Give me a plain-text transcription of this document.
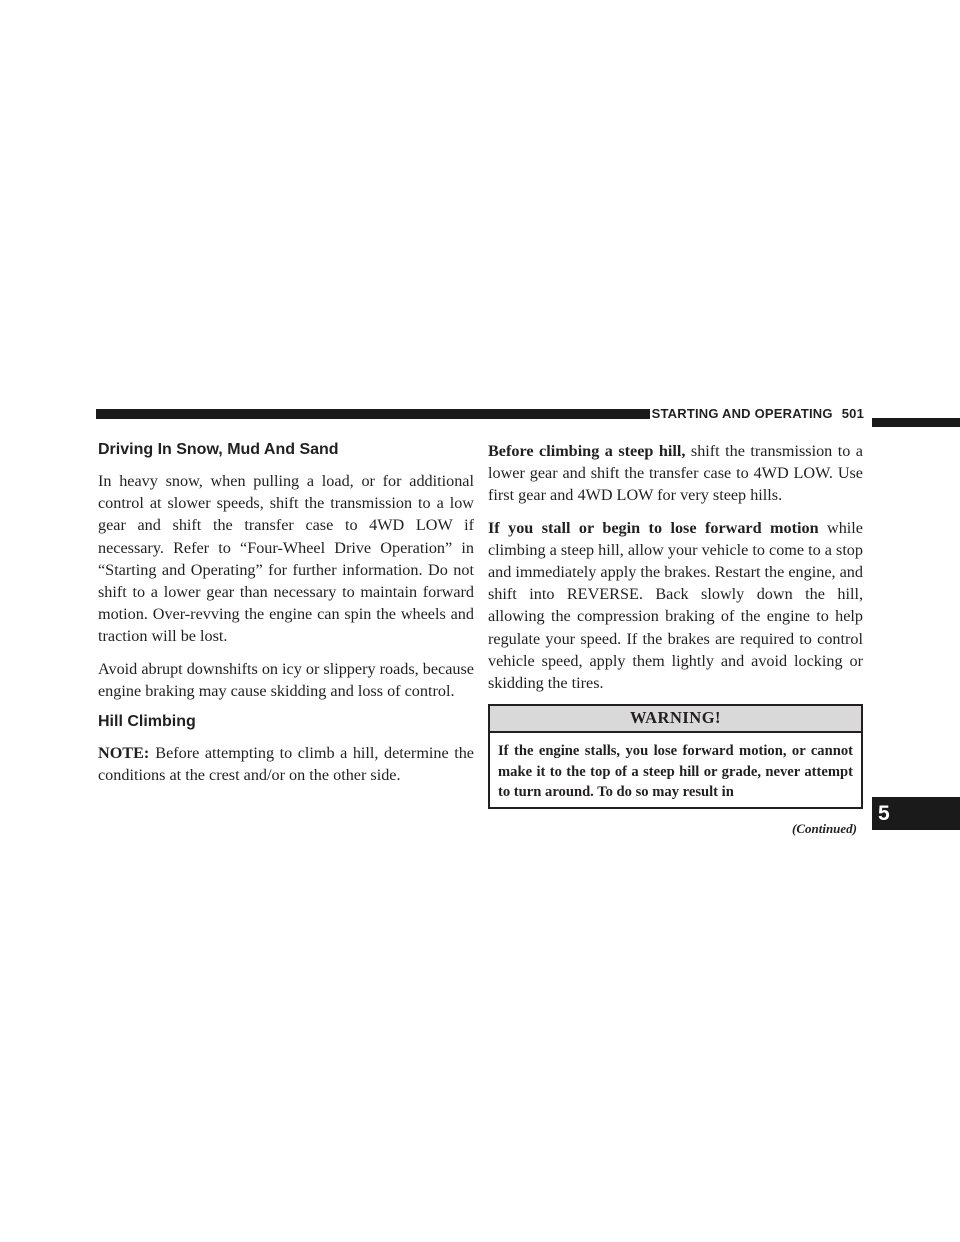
STARTING AND OPERATING 501
5
Driving In Snow, Mud And Sand

In heavy snow, when pulling a load, or for additional control at slower speeds, shift the transmission to a low gear and shift the transfer case to 4WD LOW if necessary. Refer to “Four-Wheel Drive Operation” in “Starting and Operating” for further information. Do not shift to a lower gear than necessary to maintain forward motion. Over-revving the engine can spin the wheels and traction will be lost.

Avoid abrupt downshifts on icy or slippery roads, because engine braking may cause skidding and loss of control.

Hill Climbing

NOTE: Before attempting to climb a hill, determine the conditions at the crest and/or on the other side.

Before climbing a steep hill, shift the transmission to a lower gear and shift the transfer case to 4WD LOW. Use first gear and 4WD LOW for very steep hills.

If you stall or begin to lose forward motion while climbing a steep hill, allow your vehicle to come to a stop and immediately apply the brakes. Restart the engine, and shift into REVERSE. Back slowly down the hill, allowing the compression braking of the engine to help regulate your speed. If the brakes are required to control vehicle speed, apply them lightly and avoid locking or skidding the tires.

WARNING!
If the engine stalls, you lose forward motion, or cannot make it to the top of a steep hill or grade, never attempt to turn around. To do so may result in
(Continued)
